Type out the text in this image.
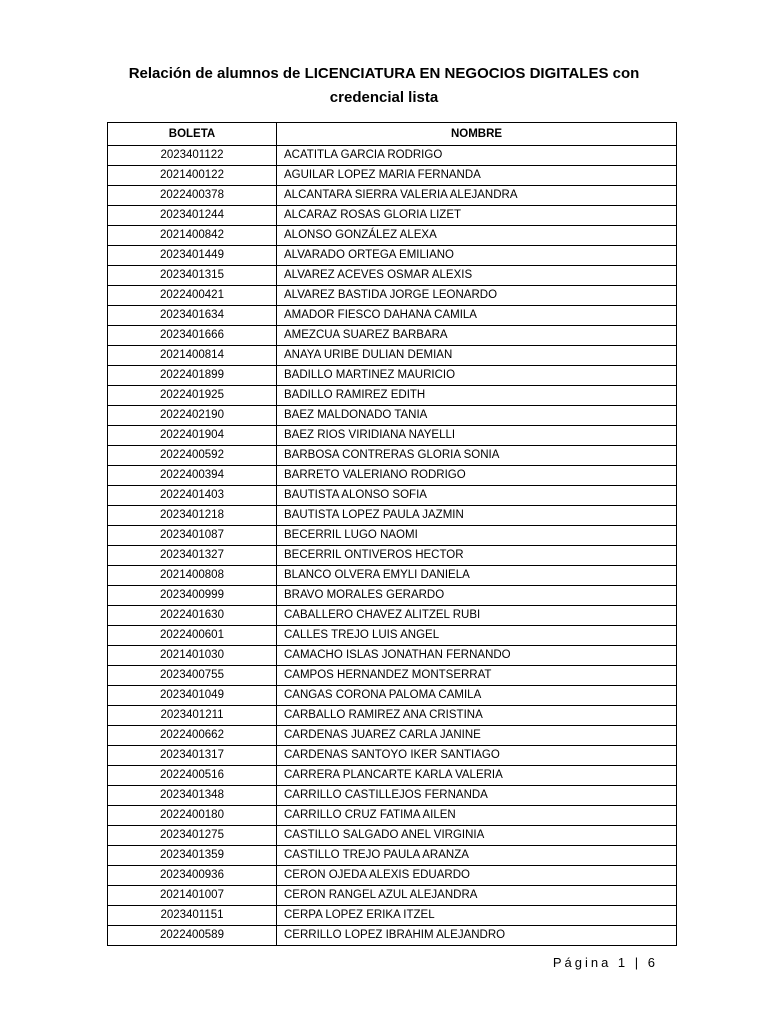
Relación de alumnos de LICENCIATURA EN NEGOCIOS DIGITALES con
credencial lista
BOLETA	NOMBRE
2023401122	ACATITLA GARCIA RODRIGO
2021400122	AGUILAR LOPEZ MARIA FERNANDA
2022400378	ALCANTARA SIERRA VALERIA ALEJANDRA
2023401244	ALCARAZ ROSAS GLORIA LIZET
2021400842	ALONSO GONZÁLEZ ALEXA
2023401449	ALVARADO ORTEGA EMILIANO
2023401315	ALVAREZ ACEVES OSMAR ALEXIS
2022400421	ALVAREZ BASTIDA JORGE LEONARDO
2023401634	AMADOR FIESCO DAHANA CAMILA
2023401666	AMEZCUA SUAREZ BARBARA
2021400814	ANAYA URIBE DULIAN DEMIAN
2022401899	BADILLO MARTINEZ MAURICIO
2022401925	BADILLO RAMIREZ EDITH
2022402190	BAEZ MALDONADO TANIA
2022401904	BAEZ RIOS VIRIDIANA NAYELLI
2022400592	BARBOSA CONTRERAS GLORIA SONIA
2022400394	BARRETO VALERIANO RODRIGO
2022401403	BAUTISTA ALONSO SOFIA
2023401218	BAUTISTA LOPEZ PAULA JAZMIN
2023401087	BECERRIL LUGO NAOMI
2023401327	BECERRIL ONTIVEROS HECTOR
2021400808	BLANCO OLVERA EMYLI DANIELA
2023400999	BRAVO MORALES GERARDO
2022401630	CABALLERO CHAVEZ ALITZEL RUBI
2022400601	CALLES TREJO LUIS ANGEL
2021401030	CAMACHO ISLAS JONATHAN FERNANDO
2023400755	CAMPOS HERNANDEZ MONTSERRAT
2023401049	CANGAS CORONA PALOMA CAMILA
2023401211	CARBALLO RAMIREZ ANA CRISTINA
2022400662	CARDENAS JUAREZ CARLA JANINE
2023401317	CARDENAS SANTOYO IKER SANTIAGO
2022400516	CARRERA PLANCARTE KARLA VALERIA
2023401348	CARRILLO CASTILLEJOS FERNANDA
2022400180	CARRILLO CRUZ FATIMA AILEN
2023401275	CASTILLO SALGADO ANEL VIRGINIA
2023401359	CASTILLO TREJO PAULA ARANZA
2023400936	CERON OJEDA ALEXIS EDUARDO
2021401007	CERON RANGEL AZUL ALEJANDRA
2023401151	CERPA LOPEZ ERIKA ITZEL
2022400589	CERRILLO LOPEZ IBRAHIM ALEJANDRO
Página 1 | 6
